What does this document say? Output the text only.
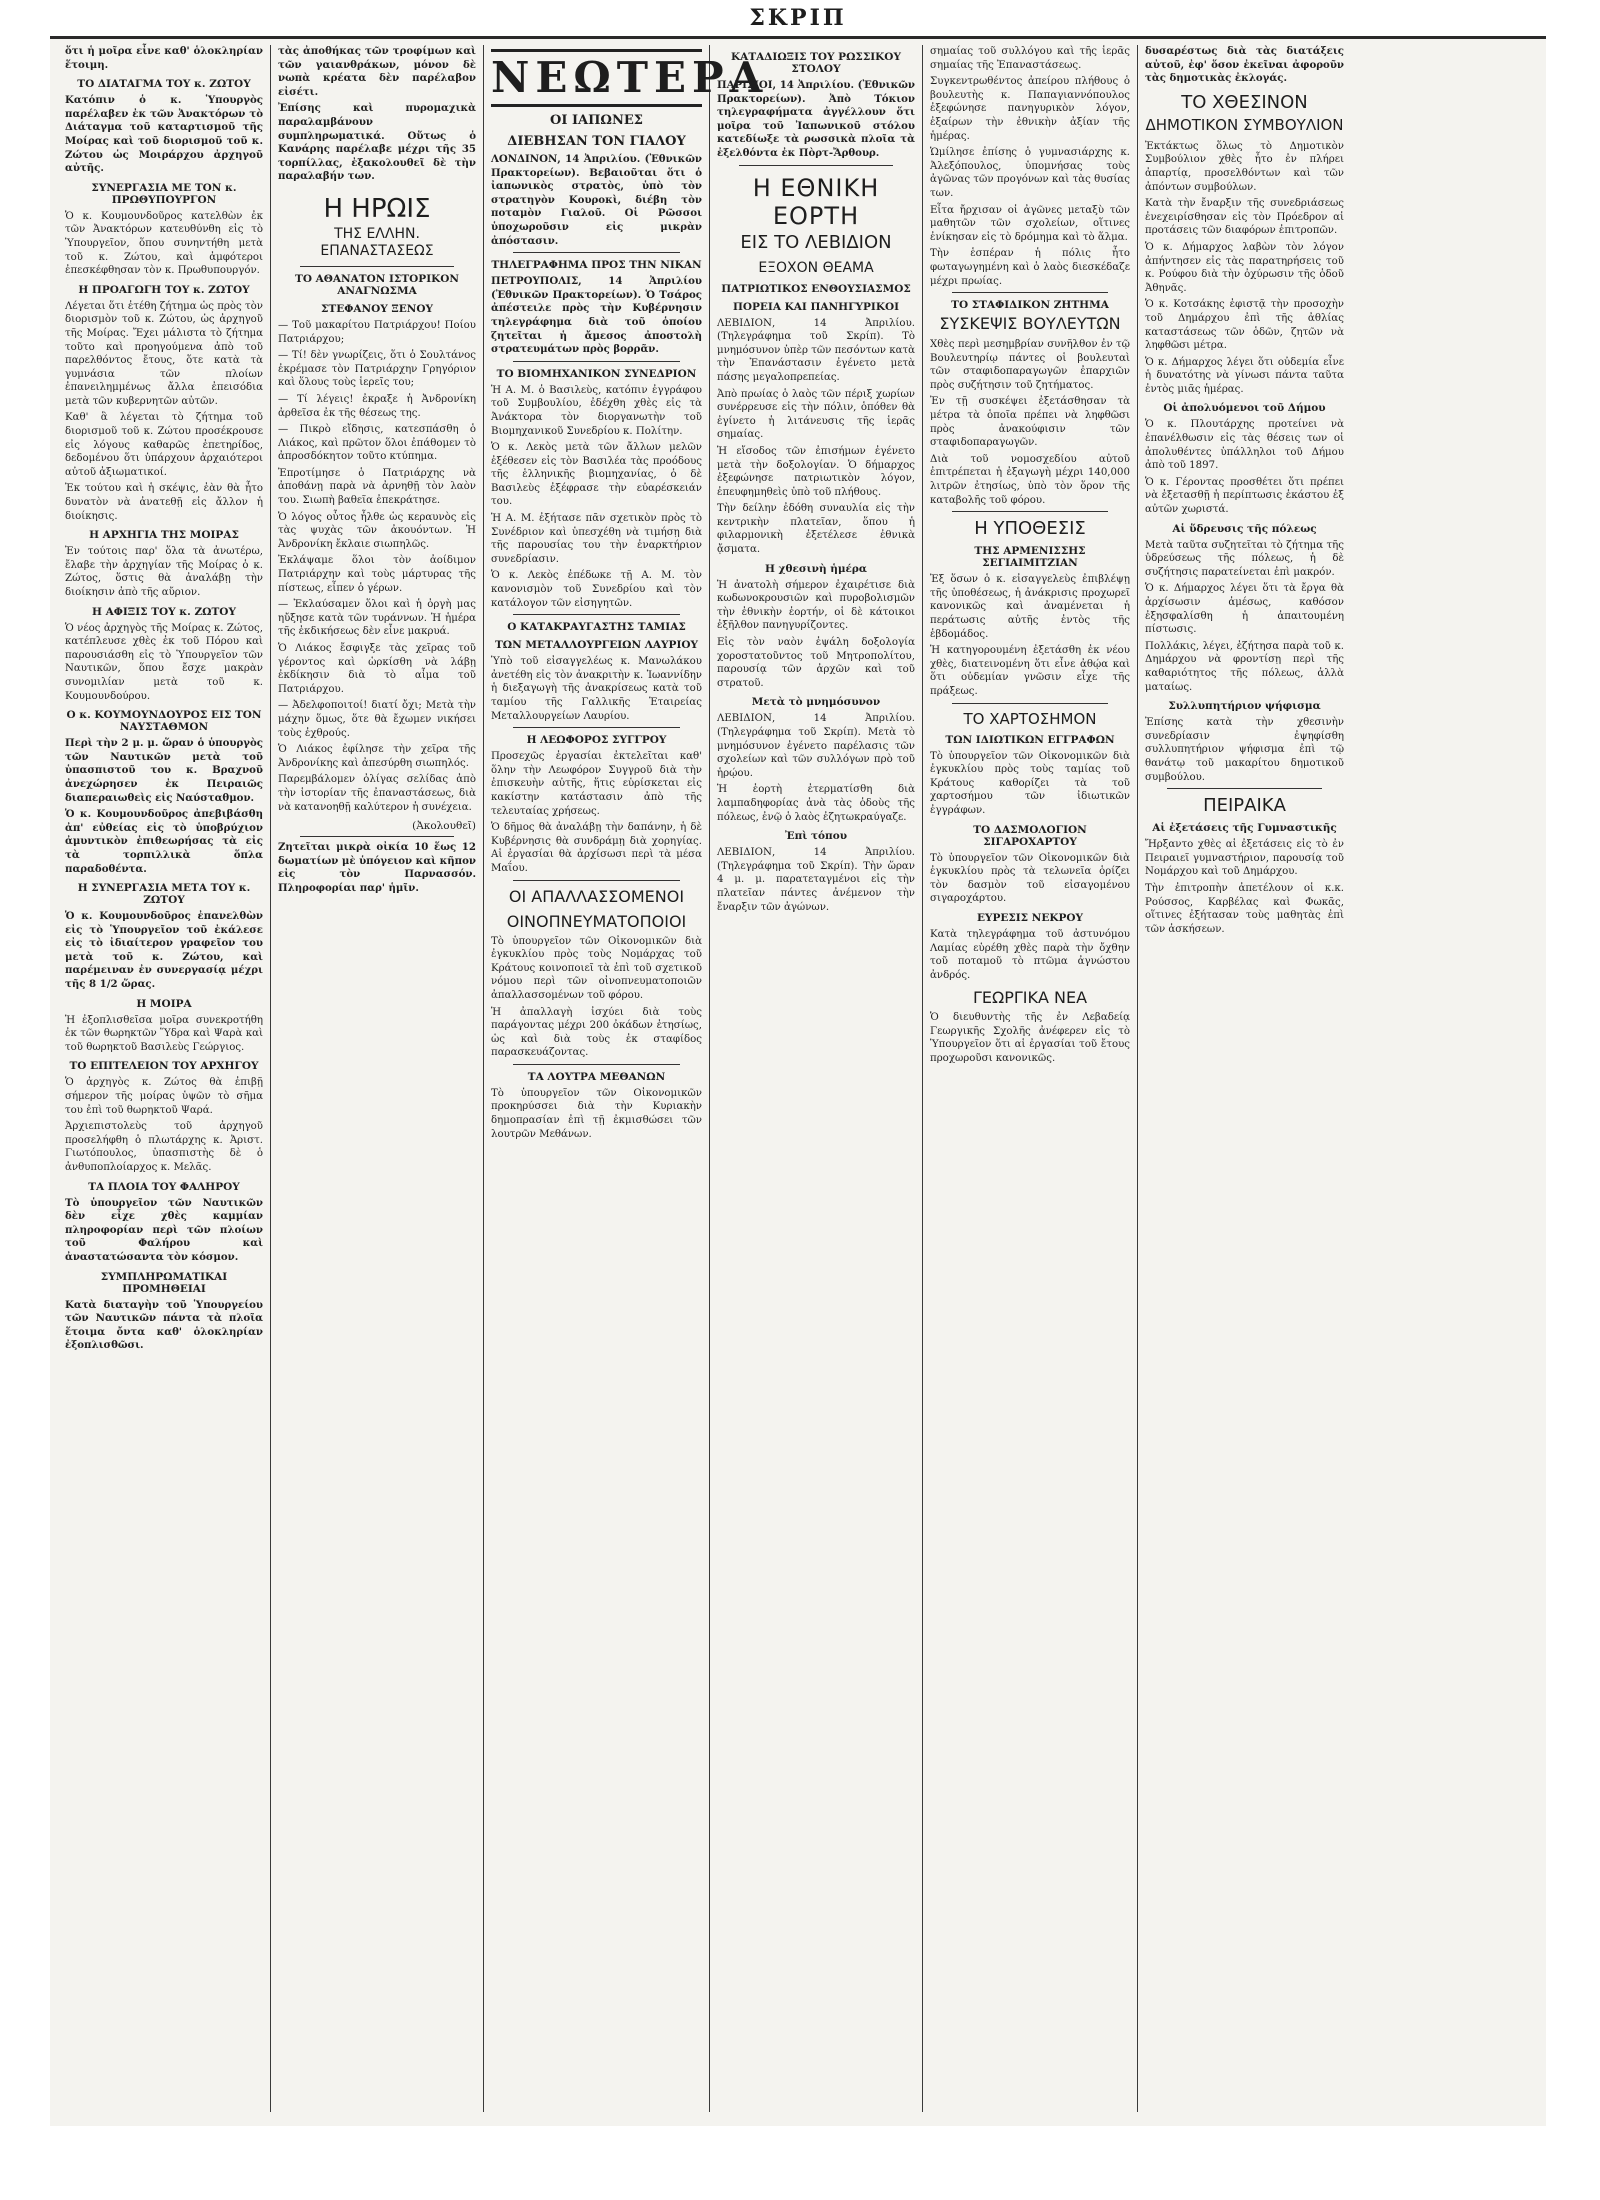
ΣΚΡΙΠ

ὅτι ἡ μοῖρα εἶνε καθ' ὁλοκληρίαν ἕτοιμη.

ΤΟ ΔΙΑΤΑΓΜΑ ΤΟΥ κ. ΖΩΤΟΥ

Κατόπιν ὁ κ. Ὑπουργὸς παρέλαβεν ἐκ τῶν Ἀνακτόρων τὸ Διάταγμα τοῦ καταρτισμοῦ τῆς Μοίρας καὶ τοῦ διορισμοῦ τοῦ κ. Ζώτου ὡς Μοιράρχου ἀρχηγοῦ αὐτῆς.

ΣΥΝΕΡΓΑΣΙΑ ΜΕ ΤΟΝ κ. ΠΡΩΘΥΠΟΥΡΓΟΝ

Ὁ κ. Κουμουνδοῦρος κατελθὼν ἐκ τῶν Ἀνακτόρων κατευθύνθη εἰς τὸ Ὑπουργεῖον, ὅπου συνηντήθη μετὰ τοῦ κ. Ζώτου, καὶ ἀμφότεροι ἐπεσκέφθησαν τὸν κ. Πρωθυπουργόν.

Η ΠΡΟΑΓΩΓΗ ΤΟΥ κ. ΖΩΤΟΥ

Λέγεται ὅτι ἐτέθη ζήτημα ὡς πρὸς τὸν διορισμὸν τοῦ κ. Ζώτου, ὡς ἀρχηγοῦ τῆς Μοίρας. Ἔχει μάλιστα τὸ ζήτημα τοῦτο καὶ προηγούμενα ἀπὸ τοῦ παρελθόντος ἔτους, ὅτε κατὰ τὰ γυμνάσια τῶν πλοίων ἐπανειλημμένως ἄλλα ἐπεισόδια μετὰ τῶν κυβερνητῶν αὐτῶν.

Καθ' ἃ λέγεται τὸ ζήτημα τοῦ διορισμοῦ τοῦ κ. Ζώτου προσέκρουσε εἰς λόγους καθαρῶς ἐπετηρίδος, δεδομένου ὅτι ὑπάρχουν ἀρχαιότεροι αὐτοῦ ἀξιωματικοί.

Ἐκ τούτου καὶ ἡ σκέψις, ἐὰν θὰ ἦτο δυνατὸν νὰ ἀνατεθῇ εἰς ἄλλον ἡ διοίκησις.

Η ΑΡΧΗΓΙΑ ΤΗΣ ΜΟΙΡΑΣ

Ἐν τούτοις παρ' ὅλα τὰ ἀνωτέρω, ἔλαβε τὴν ἀρχηγίαν τῆς Μοίρας ὁ κ. Ζώτος, ὅστις θὰ ἀναλάβῃ τὴν διοίκησιν ἀπὸ τῆς αὔριον.

Η ΑΦΙΞΙΣ ΤΟΥ κ. ΖΩΤΟΥ

Ὁ νέος ἀρχηγὸς τῆς Μοίρας κ. Ζώτος, κατέπλευσε χθὲς ἐκ τοῦ Πόρου καὶ παρουσιάσθη εἰς τὸ Ὑπουργεῖον τῶν Ναυτικῶν, ὅπου ἔσχε μακρὰν συνομιλίαν μετὰ τοῦ κ. Κουμουνδούρου.

Ο κ. ΚΟΥΜΟΥΝΔΟΥΡΟΣ ΕΙΣ ΤΟΝ ΝΑΥΣΤΑΘΜΟΝ

Περὶ τὴν 2 μ. μ. ὥραν ὁ ὑπουργὸς τῶν Ναυτικῶν μετὰ τοῦ ὑπασπιστοῦ του κ. Βραχνοῦ ἀνεχώρησεν ἐκ Πειραιῶς διαπεραιωθεὶς εἰς Ναύσταθμον.

Ὁ κ. Κουμουνδοῦρος ἀπεβιβάσθη ἀπ' εὐθείας εἰς τὸ ὑποβρύχιον ἀμυντικὸν ἐπιθεωρήσας τὰ εἰς τὰ τορπιλλικὰ ὅπλα παραδοθέντα.

Η ΣΥΝΕΡΓΑΣΙΑ ΜΕΤΑ ΤΟΥ κ. ΖΩΤΟΥ

Ὁ κ. Κουμουνδοῦρος ἐπανελθὼν εἰς τὸ Ὑπουργεῖον τοῦ ἐκάλεσε εἰς τὸ ἰδιαίτερον γραφεῖον του μετὰ τοῦ κ. Ζώτου, καὶ παρέμειναν ἐν συνεργασίᾳ μέχρι τῆς 8 1/2 ὥρας.

Η ΜΟΙΡΑ

Ἡ ἐξοπλισθεῖσα μοῖρα συνεκροτήθη ἐκ τῶν θωρηκτῶν Ὕδρα καὶ Ψαρὰ καὶ τοῦ θωρηκτοῦ Βασιλεὺς Γεώργιος.

ΤΟ ΕΠΙΤΕΛΕΙΟΝ ΤΟΥ ΑΡΧΗΓΟΥ

Ὁ ἀρχηγὸς κ. Ζώτος θὰ ἐπιβῇ σήμερον τῆς μοίρας ὑψῶν τὸ σῆμα του ἐπὶ τοῦ θωρηκτοῦ Ψαρά.

Ἀρχιεπιστολεὺς τοῦ ἀρχηγοῦ προσελήφθη ὁ πλωτάρχης κ. Ἀριστ. Γιωτόπουλος, ὑπασπιστὴς δὲ ὁ ἀνθυποπλοίαρχος κ. Μελᾶς.

ΤΑ ΠΛΟΙΑ ΤΟΥ ΦΑΛΗΡΟΥ

Τὸ ὑπουργεῖον τῶν Ναυτικῶν δὲν εἶχε χθὲς καμμίαν πληροφορίαν περὶ τῶν πλοίων τοῦ Φαλήρου καὶ ἀναστατώσαντα τὸν κόσμον.

ΣΥΜΠΛΗΡΩΜΑΤΙΚΑΙ ΠΡΟΜΗΘΕΙΑΙ

Κατὰ διαταγὴν τοῦ Ὑπουργείου τῶν Ναυτικῶν πάντα τὰ πλοῖα ἕτοιμα ὄντα καθ' ὁλοκληρίαν ἐξοπλισθῶσι.

τὰς ἀποθήκας τῶν τροφίμων καὶ τῶν γαιανθράκων, μόνον δὲ νωπὰ κρέατα δὲν παρέλαβον εἰσέτι.

Ἐπίσης καὶ πυρομαχικὰ παραλαμβάνουν συμπληρωματικά. Οὕτως ὁ Κανάρης παρέλαβε μέχρι τῆς 35 τορπίλλας, ἐξακολουθεῖ δὲ τὴν παραλαβήν των.

Η ΗΡΩΙΣ
ΤΗΣ ΕΛΛΗΝ. ΕΠΑΝΑΣΤΑΣΕΩΣ
ΤΟ ΑΘΑΝΑΤΟΝ ΙΣΤΟΡΙΚΟΝ ΑΝΑΓΝΩΣΜΑ
ΣΤΕΦΑΝΟΥ ΞΕΝΟΥ

— Τοῦ μακαρίτου Πατριάρχου! Ποίου Πατριάρχου;

— Τί! δὲν γνωρίζεις, ὅτι ὁ Σουλτάνος ἐκρέμασε τὸν Πατριάρχην Γρηγόριον καὶ ὅλους τοὺς ἱερεῖς του;

— Τί λέγεις! ἐκραξε ἡ Ἀνδρονίκη ἀρθεῖσα ἐκ τῆς θέσεως της.

— Πικρὸ εἴδησις, κατεσπάσθη ὁ Λιάκος, καὶ πρῶτον ὅλοι ἐπάθομεν τὸ ἀπροσδόκητον τοῦτο κτύπημα.

Ἐπροτίμησε ὁ Πατριάρχης νὰ ἀποθάνῃ παρὰ νὰ ἀρνηθῇ τὸν λαὸν του. Σιωπὴ βαθεῖα ἐπεκράτησε.

Ὁ λόγος οὗτος ἦλθε ὡς κεραυνὸς εἰς τὰς ψυχὰς τῶν ἀκουόντων. Ἡ Ἀνδρονίκη ἔκλαιε σιωπηλῶς.

Ἐκλάψαμε ὅλοι τὸν ἀοίδιμον Πατριάρχην καὶ τοὺς μάρτυρας τῆς πίστεως, εἶπεν ὁ γέρων.

— Ἐκλαύσαμεν ὅλοι καὶ ἡ ὀργὴ μας ηὔξησε κατὰ τῶν τυράννων. Ἡ ἡμέρα τῆς ἐκδικήσεως δὲν εἶνε μακρυά.

Ὁ Λιάκος ἔσφιγξε τὰς χεῖρας τοῦ γέροντος καὶ ὡρκίσθη νὰ λάβῃ ἐκδίκησιν διὰ τὸ αἷμα τοῦ Πατριάρχου.

— Ἀδελφοποιτοί! διατί ὄχι; Μετὰ τὴν μάχην ὅμως, ὅτε θὰ ἔχωμεν νικήσει τοὺς ἐχθρούς.

Ὁ Λιάκος ἐφίλησε τὴν χεῖρα τῆς Ἀνδρονίκης καὶ ἀπεσύρθη σιωπηλός.

Παρεμβάλομεν ὀλίγας σελίδας ἀπὸ τὴν ἱστορίαν τῆς ἐπαναστάσεως, διὰ νὰ κατανοηθῇ καλύτερον ἡ συνέχεια.

(Ἀκολουθεῖ)

Ζητεῖται μικρὰ οἰκία 10 ἕως 12 δωματίων μὲ ὑπόγειον καὶ κῆπον εἰς τὸν Παρνασσόν. Πληροφορίαι παρ' ἡμῖν.

ΝΕΩΤΕΡΑ
ΟΙ ΙΑΠΩΝΕΣ
ΔΙΕΒΗΣΑΝ ΤΟΝ ΓΙΑΛΟΥ

ΛΟΝΔΙΝΟΝ, 14 Ἀπριλίου. (Ἐθνικῶν Πρακτορείων). Βεβαιοῦται ὅτι ὁ ἰαπωνικὸς στρατὸς, ὑπὸ τὸν στρατηγὸν Κουροκὶ, διέβη τὸν ποταμὸν Γιαλοῦ. Οἱ Ρῶσσοι ὑποχωροῦσιν εἰς μικρὰν ἀπόστασιν.

ΤΗΛΕΓΡΑΦΗΜΑ ΠΡΟΣ ΤΗΝ ΝΙΚΑΝ

ΠΕΤΡΟΥΠΟΛΙΣ, 14 Ἀπριλίου (Ἐθνικῶν Πρακτορείων). Ὁ Τσάρος ἀπέστειλε πρὸς τὴν Κυβέρνησιν τηλεγράφημα διὰ τοῦ ὁποίου ζητεῖται ἡ ἄμεσος ἀποστολὴ στρατευμάτων πρὸς βορρᾶν.

ΤΟ ΒΙΟΜΗΧΑΝΙΚΟΝ ΣΥΝΕΔΡΙΟΝ

Ἡ Α. Μ. ὁ Βασιλεὺς, κατόπιν ἐγγράφου τοῦ Συμβουλίου, ἐδέχθη χθὲς εἰς τὰ Ἀνάκτορα τὸν διοργανωτὴν τοῦ Βιομηχανικοῦ Συνεδρίου κ. Πολίτην.

Ὁ κ. Λεκὸς μετὰ τῶν ἄλλων μελῶν ἐξέθεσεν εἰς τὸν Βασιλέα τὰς προόδους τῆς ἑλληνικῆς βιομηχανίας, ὁ δὲ Βασιλεὺς ἐξέφρασε τὴν εὐαρέσκειάν του.

Ἡ Α. Μ. ἐξήτασε πᾶν σχετικὸν πρὸς τὸ Συνέδριον καὶ ὑπεσχέθη νὰ τιμήσῃ διὰ τῆς παρουσίας του τὴν ἐναρκτήριον συνεδρίασιν.

Ὁ κ. Λεκὸς ἐπέδωκε τῇ Α. Μ. τὸν κανονισμὸν τοῦ Συνεδρίου καὶ τὸν κατάλογον τῶν εἰσηγητῶν.

Ο ΚΑΤΑΚΡΑΥΓΑΣΤΗΣ ΤΑΜΙΑΣ
ΤΩΝ ΜΕΤΑΛΛΟΥΡΓΕΙΩΝ ΛΑΥΡΙΟΥ

Ὑπὸ τοῦ εἰσαγγελέως κ. Μανωλάκου ἀνετέθη εἰς τὸν ἀνακριτὴν κ. Ἰωαννίδην ἡ διεξαγωγὴ τῆς ἀνακρίσεως κατὰ τοῦ ταμίου τῆς Γαλλικῆς Ἑταιρείας Μεταλλουργείων Λαυρίου.

Η ΛΕΩΦΟΡΟΣ ΣΥΓΓΡΟΥ

Προσεχῶς ἐργασίαι ἐκτελεῖται καθ' ὅλην τὴν Λεωφόρον Συγγροῦ διὰ τὴν ἐπισκευὴν αὐτῆς, ἥτις εὑρίσκεται εἰς κακίστην κατάστασιν ἀπὸ τῆς τελευταίας χρήσεως.

Ὁ δῆμος θὰ ἀναλάβῃ τὴν δαπάνην, ἡ δὲ Κυβέρνησις θὰ συνδράμῃ διὰ χορηγίας. Αἱ ἐργασίαι θὰ ἀρχίσωσι περὶ τὰ μέσα Μαΐου.

ΟΙ ΑΠΑΛΛΑΣΣΟΜΕΝΟΙ
ΟΙΝΟΠΝΕΥΜΑΤΟΠΟΙΟΙ

Τὸ ὑπουργεῖον τῶν Οἰκονομικῶν διὰ ἐγκυκλίου πρὸς τοὺς Νομάρχας τοῦ Κράτους κοινοποιεῖ τὰ ἐπὶ τοῦ σχετικοῦ νόμου περὶ τῶν οἰνοπνευματοποιῶν ἀπαλλασσομένων τοῦ φόρου.

Ἡ ἀπαλλαγὴ ἰσχύει διὰ τοὺς παράγοντας μέχρι 200 ὀκάδων ἐτησίως, ὡς καὶ διὰ τοὺς ἐκ σταφίδος παρασκευάζοντας.

ΤΑ ΛΟΥΤΡΑ ΜΕΘΑΝΩΝ

Τὸ ὑπουργεῖον τῶν Οἰκονομικῶν προκηρύσσει διὰ τὴν Κυριακὴν δημοπρασίαν ἐπὶ τῇ ἐκμισθώσει τῶν λουτρῶν Μεθάνων.

ΚΑΤΑΔΙΩΞΙΣ ΤΟΥ ΡΩΣΣΙΚΟΥ ΣΤΟΛΟΥ

ΠΑΡΙΣΙΟΙ, 14 Ἀπριλίου. (Ἐθνικῶν Πρακτορείων). Ἀπὸ Τόκιον τηλεγραφήματα ἀγγέλλουν ὅτι μοῖρα τοῦ Ἰαπωνικοῦ στόλου κατεδίωξε τὰ ρωσσικὰ πλοῖα τὰ ἐξελθόντα ἐκ Πὸρτ-Ἄρθουρ.

Η ΕΘΝΙΚΗ ΕΟΡΤΗ
ΕΙΣ ΤΟ ΛΕΒΙΔΙΟΝ
ΕΞΟΧΟΝ ΘΕΑΜΑ
ΠΑΤΡΙΩΤΙΚΟΣ ΕΝΘΟΥΣΙΑΣΜΟΣ
ΠΟΡΕΙΑ ΚΑΙ ΠΑΝΗΓΥΡΙΚΟΙ

ΛΕΒΙΔΙΟΝ, 14 Ἀπριλίου. (Τηλεγράφημα τοῦ Σκρίπ). Τὸ μνημόσυνον ὑπὲρ τῶν πεσόντων κατὰ τὴν Ἐπανάστασιν ἐγένετο μετὰ πάσης μεγαλοπρεπείας.

Ἀπὸ πρωίας ὁ λαὸς τῶν πέριξ χωρίων συνέρρευσε εἰς τὴν πόλιν, ὁπόθεν θὰ ἐγίνετο ἡ λιτάνευσις τῆς ἱερᾶς σημαίας.

Ἡ εἴσοδος τῶν ἐπισήμων ἐγένετο μετὰ τὴν δοξολογίαν. Ὁ δήμαρχος ἐξεφώνησε πατριωτικὸν λόγον, ἐπευφημηθεὶς ὑπὸ τοῦ πλήθους.

Τὴν δείλην ἐδόθη συναυλία εἰς τὴν κεντρικὴν πλατεῖαν, ὅπου ἡ φιλαρμονικὴ ἐξετέλεσε ἐθνικὰ ᾄσματα.

Η χθεσινὴ ἡμέρα

Ἡ ἀνατολὴ σήμερον ἐχαιρέτισε διὰ κωδωνοκρουσιῶν καὶ πυροβολισμῶν τὴν ἐθνικὴν ἑορτήν, οἱ δὲ κάτοικοι ἐξῆλθον πανηγυρίζοντες.

Εἰς τὸν ναὸν ἐψάλη δοξολογία χοροστατοῦντος τοῦ Μητροπολίτου, παρουσίᾳ τῶν ἀρχῶν καὶ τοῦ στρατοῦ.

Μετὰ τὸ μνημόσυνον

ΛΕΒΙΔΙΟΝ, 14 Ἀπριλίου. (Τηλεγράφημα τοῦ Σκρίπ). Μετὰ τὸ μνημόσυνον ἐγένετο παρέλασις τῶν σχολείων καὶ τῶν συλλόγων πρὸ τοῦ ἡρῴου.

Ἡ ἑορτὴ ἐτερματίσθη διὰ λαμπαδηφορίας ἀνὰ τὰς ὁδοὺς τῆς πόλεως, ἐνῷ ὁ λαὸς ἐζητωκραύγαζε.

Ἐπὶ τόπου

ΛΕΒΙΔΙΟΝ, 14 Ἀπριλίου. (Τηλεγράφημα τοῦ Σκρίπ). Τὴν ὥραν 4 μ. μ. παρατεταγμένοι εἰς τὴν πλατεῖαν πάντες ἀνέμενον τὴν ἔναρξιν τῶν ἀγώνων.

σημαίας τοῦ συλλόγου καὶ τῆς ἱερᾶς σημαίας τῆς Ἐπαναστάσεως.

Συγκεντρωθέντος ἀπείρου πλήθους ὁ βουλευτὴς κ. Παπαγιαννόπουλος ἐξεφώνησε πανηγυρικὸν λόγον, ἐξαίρων τὴν ἐθνικὴν ἀξίαν τῆς ἡμέρας.

Ὡμίλησε ἐπίσης ὁ γυμνασιάρχης κ. Ἀλεξόπουλος, ὑπομνήσας τοὺς ἀγῶνας τῶν προγόνων καὶ τὰς θυσίας των.

Εἶτα ἤρχισαν οἱ ἀγῶνες μεταξὺ τῶν μαθητῶν τῶν σχολείων, οἵτινες ἐνίκησαν εἰς τὸ δρόμημα καὶ τὸ ἅλμα.

Τὴν ἑσπέραν ἡ πόλις ἦτο φωταγωγημένη καὶ ὁ λαὸς διεσκέδαζε μέχρι πρωίας.

ΤΟ ΣΤΑΦΙΔΙΚΟΝ ΖΗΤΗΜΑ
ΣΥΣΚΕΨΙΣ ΒΟΥΛΕΥΤΩΝ

Χθὲς περὶ μεσημβρίαν συνῆλθον ἐν τῷ Βουλευτηρίῳ πάντες οἱ βουλευταὶ τῶν σταφιδοπαραγωγῶν ἐπαρχιῶν πρὸς συζήτησιν τοῦ ζητήματος.

Ἐν τῇ συσκέψει ἐξετάσθησαν τὰ μέτρα τὰ ὁποῖα πρέπει νὰ ληφθῶσι πρὸς ἀνακούφισιν τῶν σταφιδοπαραγωγῶν.

Διὰ τοῦ νομοσχεδίου αὐτοῦ ἐπιτρέπεται ἡ ἐξαγωγὴ μέχρι 140,000 λιτρῶν ἐτησίως, ὑπὸ τὸν ὅρον τῆς καταβολῆς τοῦ φόρου.

Η ΥΠΟΘΕΣΙΣ
ΤΗΣ ΑΡΜΕΝΙΣΣΗΣ ΣΕΓΙΑΙΜΙΤΖΙΑΝ

Ἐξ ὅσων ὁ κ. εἰσαγγελεὺς ἐπιβλέψῃ τῆς ὑποθέσεως, ἡ ἀνάκρισις προχωρεῖ κανονικῶς καὶ ἀναμένεται ἡ περάτωσις αὐτῆς ἐντὸς τῆς ἑβδομάδος.

Ἡ κατηγορουμένη ἐξετάσθη ἐκ νέου χθὲς, διατεινομένη ὅτι εἶνε ἀθῴα καὶ ὅτι οὐδεμίαν γνῶσιν εἶχε τῆς πράξεως.

ΤΟ ΧΑΡΤΟΣΗΜΟΝ
ΤΩΝ ΙΔΙΩΤΙΚΩΝ ΕΓΓΡΑΦΩΝ

Τὸ ὑπουργεῖον τῶν Οἰκονομικῶν διὰ ἐγκυκλίου πρὸς τοὺς ταμίας τοῦ Κράτους καθορίζει τὰ τοῦ χαρτοσήμου τῶν ἰδιωτικῶν ἐγγράφων.

ΤΟ ΔΑΣΜΟΛΟΓΙΟΝ ΣΙΓΑΡΟΧΑΡΤΟΥ

Τὸ ὑπουργεῖον τῶν Οἰκονομικῶν διὰ ἐγκυκλίου πρὸς τὰ τελωνεῖα ὁρίζει τὸν δασμὸν τοῦ εἰσαγομένου σιγαροχάρτου.

ΕΥΡΕΣΙΣ ΝΕΚΡΟΥ

Κατὰ τηλεγράφημα τοῦ ἀστυνόμου Λαμίας εὑρέθη χθὲς παρὰ τὴν ὄχθην τοῦ ποταμοῦ τὸ πτῶμα ἀγνώστου ἀνδρός.

ΓΕΩΡΓΙΚΑ ΝΕΑ

Ὁ διευθυντὴς τῆς ἐν Λεβαδείᾳ Γεωργικῆς Σχολῆς ἀνέφερεν εἰς τὸ Ὑπουργεῖον ὅτι αἱ ἐργασίαι τοῦ ἔτους προχωροῦσι κανονικῶς.

δυσαρέστως διὰ τὰς διατάξεις αὐτοῦ, ἐφ' ὅσον ἐκεῖναι ἀφοροῦν τὰς δημοτικὰς ἐκλογάς.

ΤΟ ΧΘΕΣΙΝΟΝ
ΔΗΜΟΤΙΚΟΝ ΣΥΜΒΟΥΛΙΟΝ

Ἐκτάκτως ὅλως τὸ Δημοτικὸν Συμβούλιον χθὲς ἦτο ἐν πλήρει ἀπαρτίᾳ, προσελθόντων καὶ τῶν ἀπόντων συμβούλων.

Κατὰ τὴν ἔναρξιν τῆς συνεδριάσεως ἐνεχειρίσθησαν εἰς τὸν Πρόεδρον αἱ προτάσεις τῶν διαφόρων ἐπιτροπῶν.

Ὁ κ. Δήμαρχος λαβὼν τὸν λόγον ἀπήντησεν εἰς τὰς παρατηρήσεις τοῦ κ. Ρούφου διὰ τὴν ὀχύρωσιν τῆς ὁδοῦ Ἀθηνᾶς.

Ὁ κ. Κοτσάκης ἐφιστᾷ τὴν προσοχὴν τοῦ Δημάρχου ἐπὶ τῆς ἀθλίας καταστάσεως τῶν ὁδῶν, ζητῶν νὰ ληφθῶσι μέτρα.

Ὁ κ. Δήμαρχος λέγει ὅτι οὐδεμία εἶνε ἡ δυνατότης νὰ γίνωσι πάντα ταῦτα ἐντὸς μιᾶς ἡμέρας.

Οἱ ἀπολυόμενοι τοῦ Δήμου

Ὁ κ. Πλουτάρχης προτείνει νὰ ἐπανέλθωσιν εἰς τὰς θέσεις των οἱ ἀπολυθέντες ὑπάλληλοι τοῦ Δήμου ἀπὸ τοῦ 1897.

Ὁ κ. Γέροντας προσθέτει ὅτι πρέπει νὰ ἐξετασθῇ ἡ περίπτωσις ἑκάστου ἐξ αὐτῶν χωριστά.

Αἱ ὕδρευσις τῆς πόλεως

Μετὰ ταῦτα συζητεῖται τὸ ζήτημα τῆς ὑδρεύσεως τῆς πόλεως, ἡ δὲ συζήτησις παρατείνεται ἐπὶ μακρόν.

Ὁ κ. Δήμαρχος λέγει ὅτι τὰ ἔργα θὰ ἀρχίσωσιν ἀμέσως, καθόσον ἐξησφαλίσθη ἡ ἀπαιτουμένη πίστωσις.

Πολλάκις, λέγει, ἐζήτησα παρὰ τοῦ κ. Δημάρχου νὰ φροντίσῃ περὶ τῆς καθαριότητος τῆς πόλεως, ἀλλὰ ματαίως.

Συλλυπητήριον ψήφισμα

Ἐπίσης κατὰ τὴν χθεσινὴν συνεδρίασιν ἐψηφίσθη συλλυπητήριον ψήφισμα ἐπὶ τῷ θανάτῳ τοῦ μακαρίτου δημοτικοῦ συμβούλου.

ΠΕΙΡΑΙΚΑ
Αἱ ἐξετάσεις τῆς Γυμναστικῆς

Ἤρξαντο χθὲς αἱ ἐξετάσεις εἰς τὸ ἐν Πειραιεῖ γυμναστήριον, παρουσίᾳ τοῦ Νομάρχου καὶ τοῦ Δημάρχου.

Τὴν ἐπιτροπὴν ἀπετέλουν οἱ κ.κ. Ρούσσος, Καρβέλας καὶ Φωκᾶς, οἵτινες ἐξήτασαν τοὺς μαθητὰς ἐπὶ τῶν ἀσκήσεων.
